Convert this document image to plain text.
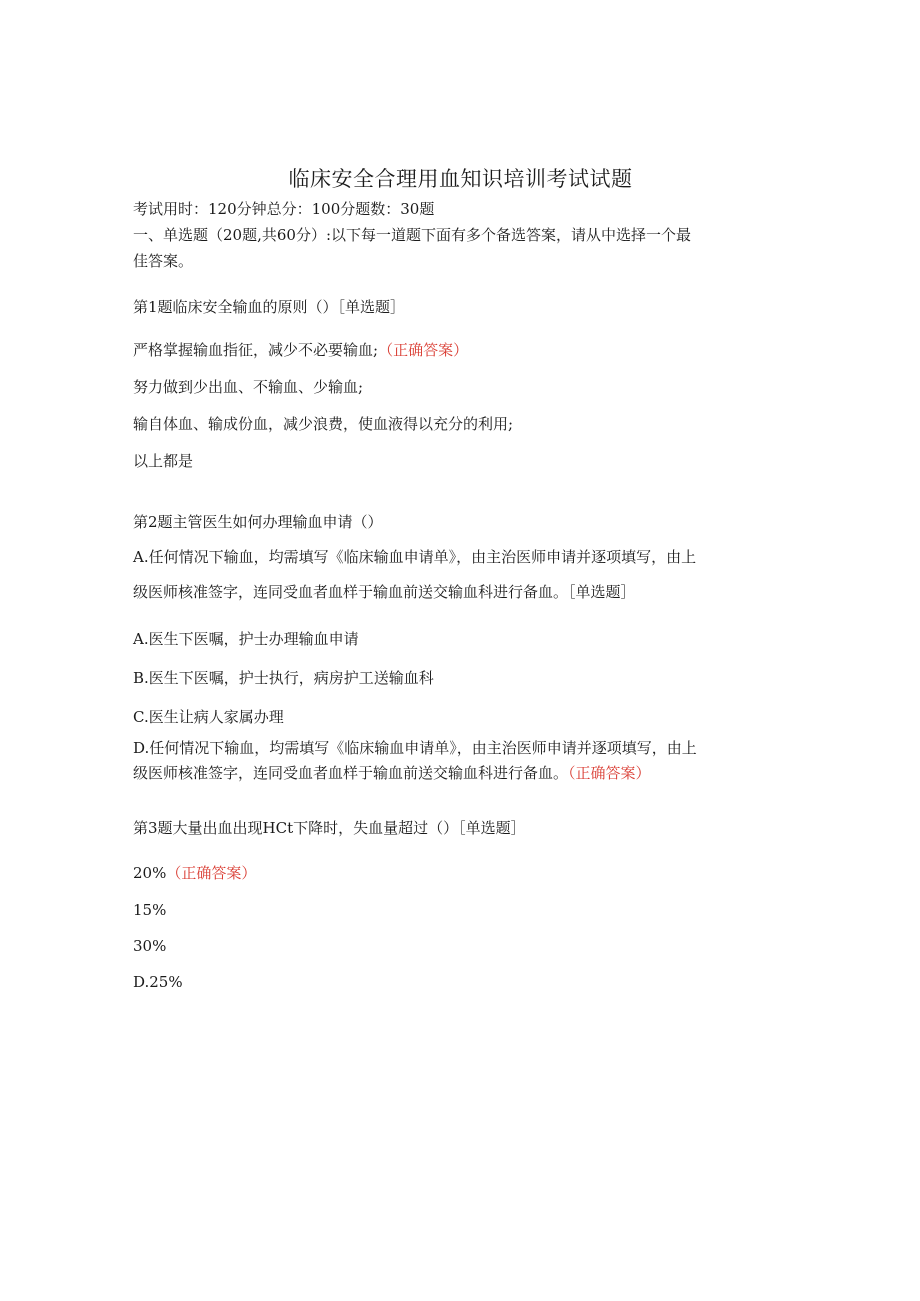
临床安全合理用血知识培训考试试题
考试用时：120分钟总分：100分题数：30题
一、单选题（20题,共60分）:以下每一道题下面有多个备选答案，请从中选择一个最
佳答案。
第1题临床安全输血的原则（）［单选题］
严格掌握输血指征，减少不必要输血;（正确答案）
努力做到少出血、不输血、少输血;
输自体血、输成份血，减少浪费，使血液得以充分的利用;
以上都是
第2题主管医生如何办理输血申请（）
A.任何情况下输血，均需填写《临床输血申请单》，由主治医师申请并逐项填写，由上
级医师核准签字，连同受血者血样于输血前送交输血科进行备血。［单选题］
A.医生下医嘱，护士办理输血申请
B.医生下医嘱，护士执行，病房护工送输血科
C.医生让病人家属办理
D.任何情况下输血，均需填写《临床输血申请单》，由主治医师申请并逐项填写，由上
级医师核准签字，连同受血者血样于输血前送交输血科进行备血。（正确答案）
第3题大量出血出现HCt下降时，失血量超过（）［单选题］
20%（正确答案）
15%
30%
D.25%
